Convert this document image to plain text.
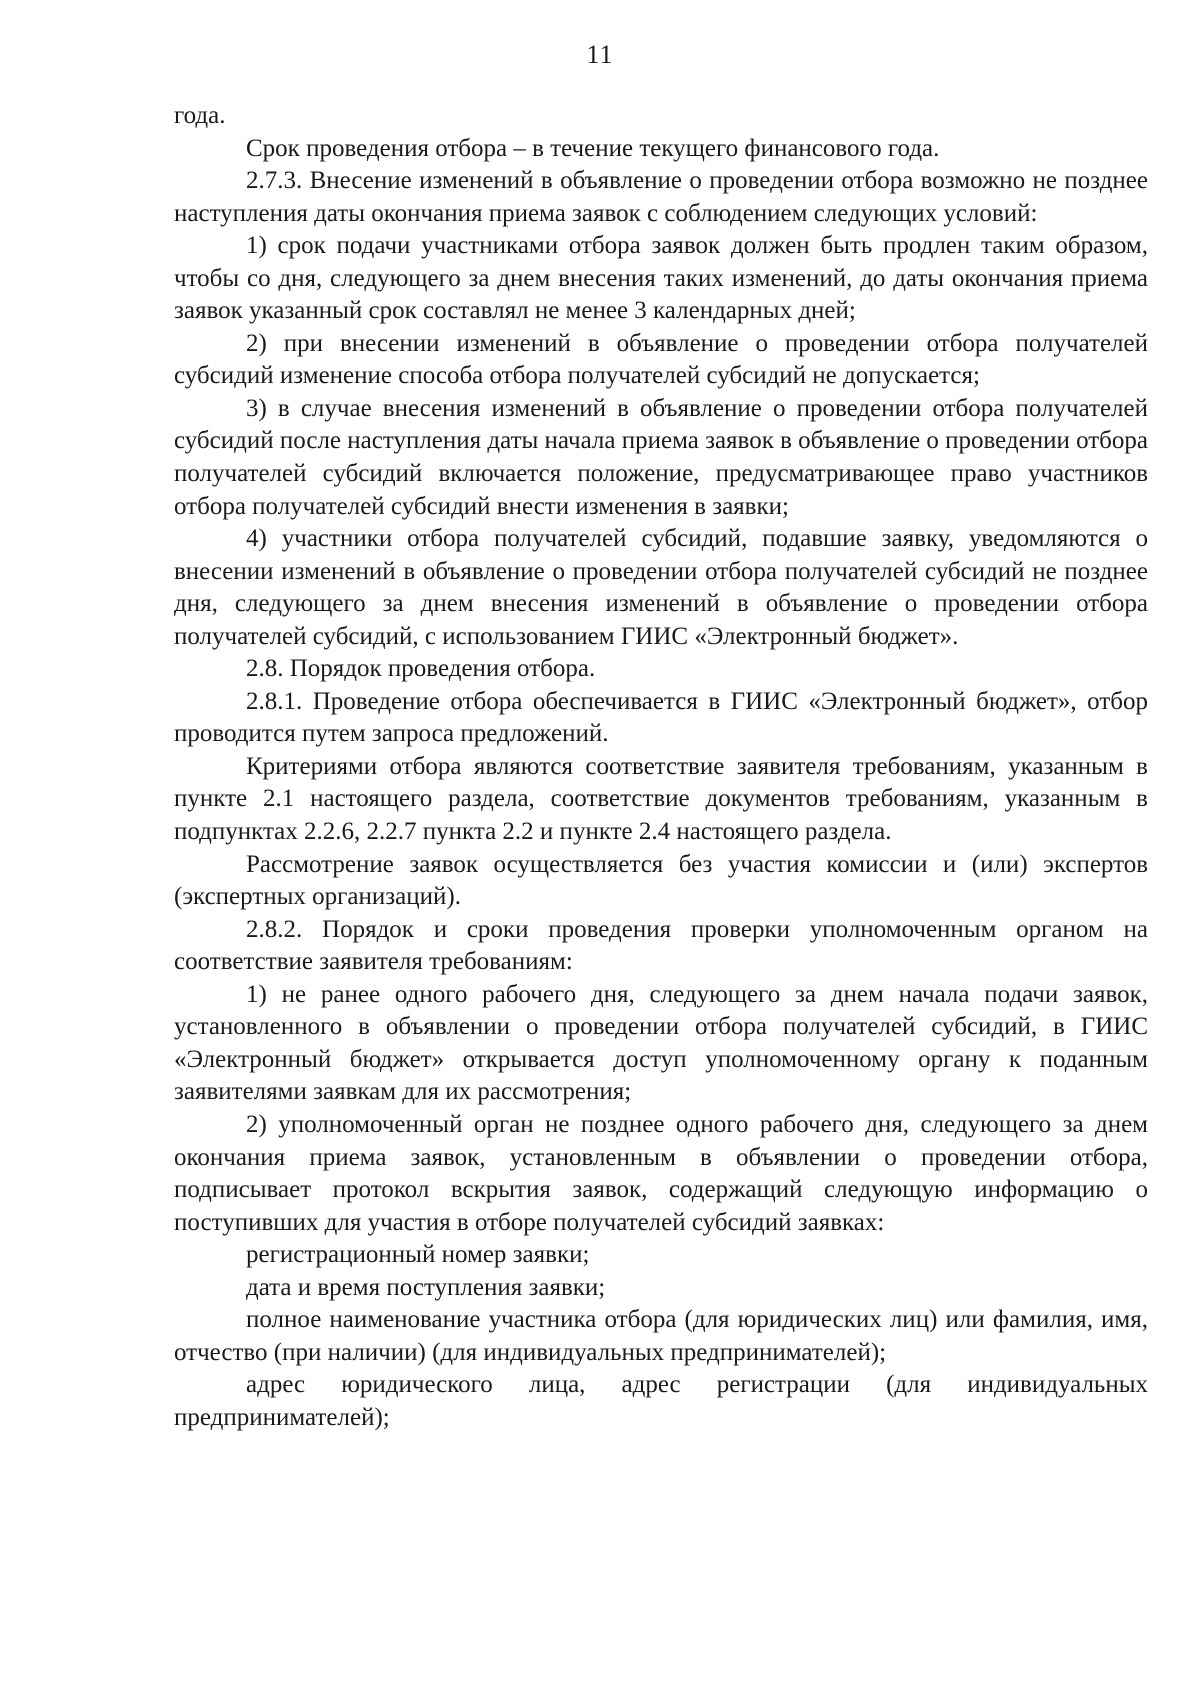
11

года.

Срок проведения отбора – в течение текущего финансового года.

2.7.3. Внесение изменений в объявление о проведении отбора возможно не позднее наступления даты окончания приема заявок с соблюдением следующих условий:

1) срок подачи участниками отбора заявок должен быть продлен таким образом, чтобы со дня, следующего за днем внесения таких изменений, до даты окончания приема заявок указанный срок составлял не менее 3 календарных дней;

2) при внесении изменений в объявление о проведении отбора получателей субсидий изменение способа отбора получателей субсидий не допускается;

3) в случае внесения изменений в объявление о проведении отбора получателей субсидий после наступления даты начала приема заявок в объявление о проведении отбора получателей субсидий включается положение, предусматривающее право участников отбора получателей субсидий внести изменения в заявки;

4) участники отбора получателей субсидий, подавшие заявку, уведомляются о внесении изменений в объявление о проведении отбора получателей субсидий не позднее дня, следующего за днем внесения изменений в объявление о проведении отбора получателей субсидий, с использованием ГИИС «Электронный бюджет».

2.8. Порядок проведения отбора.

2.8.1. Проведение отбора обеспечивается в ГИИС «Электронный бюджет», отбор проводится путем запроса предложений.

Критериями отбора являются соответствие заявителя требованиям, указанным в пункте 2.1 настоящего раздела, соответствие документов требованиям, указанным в подпунктах 2.2.6, 2.2.7 пункта 2.2 и пункте 2.4 настоящего раздела.

Рассмотрение заявок осуществляется без участия комиссии и (или) экспертов (экспертных организаций).

2.8.2. Порядок и сроки проведения проверки уполномоченным органом на соответствие заявителя требованиям:

1) не ранее одного рабочего дня, следующего за днем начала подачи заявок, установленного в объявлении о проведении отбора получателей субсидий, в ГИИС «Электронный бюджет» открывается доступ уполномоченному органу к поданным заявителями заявкам для их рассмотрения;

2) уполномоченный орган не позднее одного рабочего дня, следующего за днем окончания приема заявок, установленным в объявлении о проведении отбора, подписывает протокол вскрытия заявок, содержащий следующую информацию о поступивших для участия в отборе получателей субсидий заявках:

регистрационный номер заявки;

дата и время поступления заявки;

полное наименование участника отбора (для юридических лиц) или фамилия, имя, отчество (при наличии) (для индивидуальных предпринимателей);

адрес юридического лица, адрес регистрации (для индивидуальных предпринимателей);
